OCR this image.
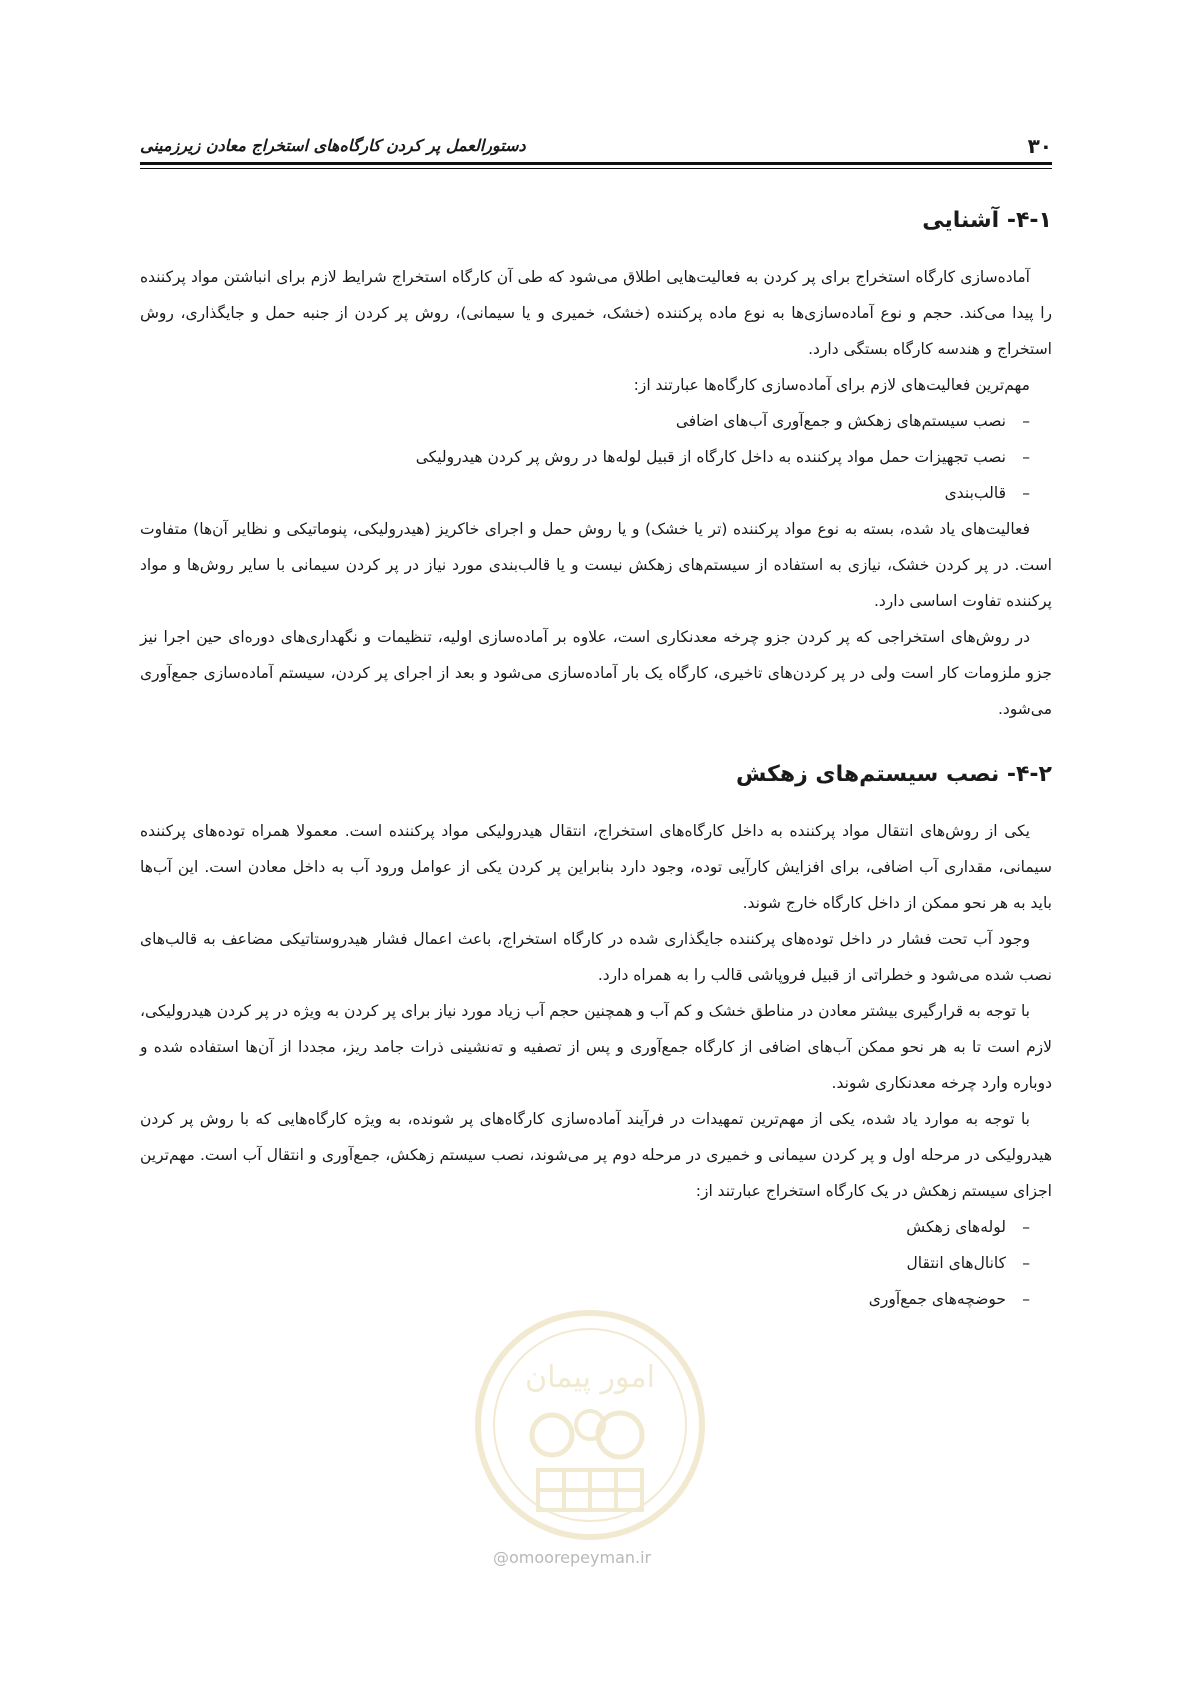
۳۰
دستورالعمل پر کردن کارگاه‌های استخراج معادن زیرزمینی
۴-۱- آشنایی

آماده‌سازی کارگاه استخراج برای پر کردن به فعالیت‌هایی اطلاق می‌شود که طی آن کارگاه استخراج شرایط لازم برای انباشتن مواد پرکننده را پیدا می‌کند. حجم و نوع آماده‌سازی‌ها به نوع ماده پرکننده (خشک، خمیری و یا سیمانی)، روش پر کردن از جنبه حمل و جایگذاری، روش استخراج و هندسه کارگاه بستگی دارد.

مهم‌ترین فعالیت‌های لازم برای آماده‌سازی کارگاه‌ها عبارتند از:

–نصب سیستم‌های زهکش و جمع‌آوری آب‌های اضافی
–نصب تجهیزات حمل مواد پرکننده به داخل کارگاه از قبیل لوله‌ها در روش پر کردن هیدرولیکی
–قالب‌بندی

فعالیت‌های یاد شده، بسته به نوع مواد پرکننده (تر یا خشک) و یا روش حمل و اجرای خاکریز (هیدرولیکی، پنوماتیکی و نظایر آن‌ها) متفاوت است. در پر کردن خشک، نیازی به استفاده از سیستم‌های زهکش نیست و یا قالب‌بندی مورد نیاز در پر کردن سیمانی با سایر روش‌ها و مواد پرکننده تفاوت اساسی دارد.

در روش‌های استخراجی که پر کردن جزو چرخه معدنکاری است، علاوه بر آماده‌سازی اولیه، تنظیمات و نگهداری‌های دوره‌ای حین اجرا نیز جزو ملزومات کار است ولی در پر کردن‌های تاخیری، کارگاه یک بار آماده‌سازی می‌شود و بعد از اجرای پر کردن، سیستم آماده‌سازی جمع‌آوری می‌شود.

۴-۲- نصب سیستم‌های زهکش

یکی از روش‌های انتقال مواد پرکننده به داخل کارگاه‌های استخراج، انتقال هیدرولیکی مواد پرکننده است. معمولا همراه توده‌های پرکننده سیمانی، مقداری آب اضافی، برای افزایش کارآیی توده، وجود دارد بنابراین پر کردن یکی از عوامل ورود آب به داخل معادن است. این آب‌ها باید به هر نحو ممکن از داخل کارگاه خارج شوند.

وجود آب تحت فشار در داخل توده‌های پرکننده جایگذاری شده در کارگاه استخراج، باعث اعمال فشار هیدروستاتیکی مضاعف به قالب‌های نصب شده می‌شود و خطراتی از قبیل فروپاشی قالب را به همراه دارد.

با توجه به قرارگیری بیشتر معادن در مناطق خشک و کم آب و همچنین حجم آب زیاد مورد نیاز برای پر کردن به ویژه در پر کردن هیدرولیکی، لازم است تا به هر نحو ممکن آب‌های اضافی از کارگاه جمع‌آوری و پس از تصفیه و ته‌نشینی ذرات جامد ریز، مجددا از آن‌ها استفاده شده و دوباره وارد چرخه معدنکاری شوند.

با توجه به موارد یاد شده، یکی از مهم‌ترین تمهیدات در فرآیند آماده‌سازی کارگاه‌های پر شونده، به ویژه کارگاه‌هایی که با روش پر کردن هیدرولیکی در مرحله اول و پر کردن سیمانی و خمیری در مرحله دوم پر می‌شوند، نصب سیستم زهکش، جمع‌آوری و انتقال آب است. مهم‌ترین اجزای سیستم زهکش در یک کارگاه استخراج عبارتند از:

–لوله‌های زهکش
–کانال‌های انتقال
–حوضچه‌های جمع‌آوری
امور پیمان
@omoorepeyman.ir
